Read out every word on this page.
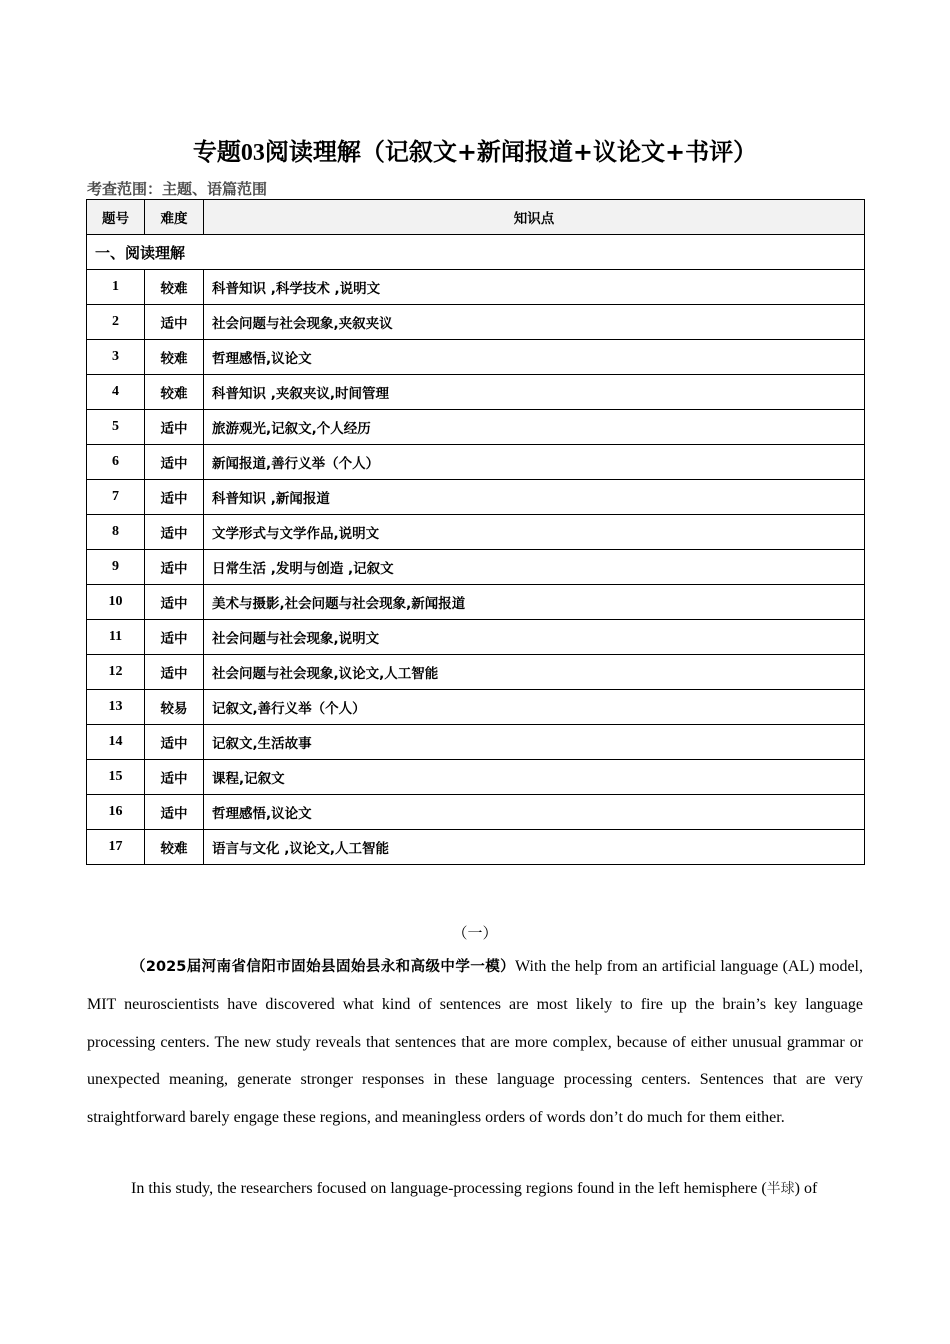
专题03阅读理解（记叙文+新闻报道+议论文+书评）
考查范围：主题、语篇范围
题号	难度	知识点
一、阅读理解		
1	较难	科普知识 ,科学技术 ,说明文
2	适中	社会问题与社会现象,夹叙夹议
3	较难	哲理感悟,议论文
4	较难	科普知识 ,夹叙夹议,时间管理
5	适中	旅游观光,记叙文,个人经历
6	适中	新闻报道,善行义举（个人）
7	适中	科普知识 ,新闻报道
8	适中	文学形式与文学作品,说明文
9	适中	日常生活 ,发明与创造 ,记叙文
10	适中	美术与摄影,社会问题与社会现象,新闻报道
11	适中	社会问题与社会现象,说明文
12	适中	社会问题与社会现象,议论文,人工智能
13	较易	记叙文,善行义举（个人）
14	适中	记叙文,生活故事
15	适中	课程,记叙文
16	适中	哲理感悟,议论文
17	较难	语言与文化 ,议论文,人工智能
（一）

（2025届河南省信阳市固始县固始县永和高级中学一模）With the help from an artificial language (AL) model, MIT neuroscientists have discovered what kind of sentences are most likely to fire up the brain’s key language processing centers. The new study reveals that sentences that are more complex, because of either unusual grammar or unexpected meaning, generate stronger responses in these language processing centers. Sentences that are very straightforward barely engage these regions, and meaningless orders of words don’t do much for them either.

In this study, the researchers focused on language-processing regions found in the left hemisphere (半球) of
